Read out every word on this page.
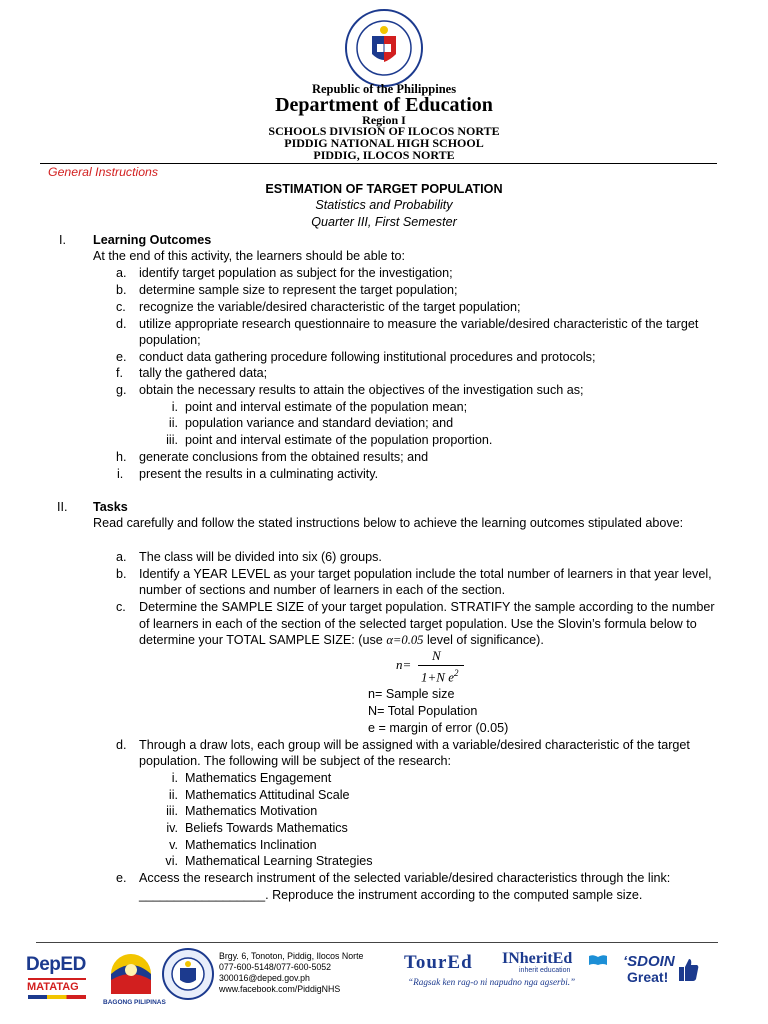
Republic of the Philippines
Department of Education
Region I
SCHOOLS DIVISION OF ILOCOS NORTE
PIDDIG NATIONAL HIGH SCHOOL
PIDDIG, ILOCOS NORTE
General Instructions
ESTIMATION OF TARGET POPULATION
Statistics and Probability
Quarter III, First Semester
I. Learning Outcomes
At the end of this activity, the learners should be able to:
a. identify target population as subject for the investigation;
b. determine sample size to represent the target population;
c. recognize the variable/desired characteristic of the target population;
d. utilize appropriate research questionnaire to measure the variable/desired characteristic of the target
population;
e. conduct data gathering procedure following institutional procedures and protocols;
f. tally the gathered data;
g. obtain the necessary results to attain the objectives of the investigation such as;
i. point and interval estimate of the population mean;
ii. population variance and standard deviation; and
iii. point and interval estimate of the population proportion.
h. generate conclusions from the obtained results; and
i. present the results in a culminating activity.
II. Tasks
Read carefully and follow the stated instructions below to achieve the learning outcomes stipulated above:
a. The class will be divided into six (6) groups.
b. Identify a YEAR LEVEL as your target population include the total number of learners in that year level,
number of sections and number of learners in each of the section.
c. Determine the SAMPLE SIZE of your target population. STRATIFY the sample according to the number
of learners in each of the section of the selected target population. Use the Slovin’s formula below to
determine your TOTAL SAMPLE SIZE: (use α=0.05 level of significance).
n=
N
1+N $e^2$
n= Sample size
N= Total Population
e = margin of error (0.05)
d. Through a draw lots, each group will be assigned with a variable/desired characteristic of the target
population. The following will be subject of the research:
i. Mathematics Engagement
ii. Mathematics Attitudinal Scale
iii. Mathematics Motivation
iv. Beliefs Towards Mathematics
v. Mathematics Inclination
vi. Mathematical Learning Strategies
e. Access the research instrument of the selected variable/desired characteristics through the link:
__________________. Reproduce the instrument according to the computed sample size.
DepED
MATATAG
BAGONG PILIPINAS
Brgy. 6, Tonoton, Piddig, Ilocos Norte
077-600-5148/077-600-5052
300016@deped.gov.ph
www.facebook.com/PiddigNHS
TourEd INheritEd
inherit education
“Ragsak ken rag-o ni napudno nga agserbi.”
‘SDOIN
Great!
